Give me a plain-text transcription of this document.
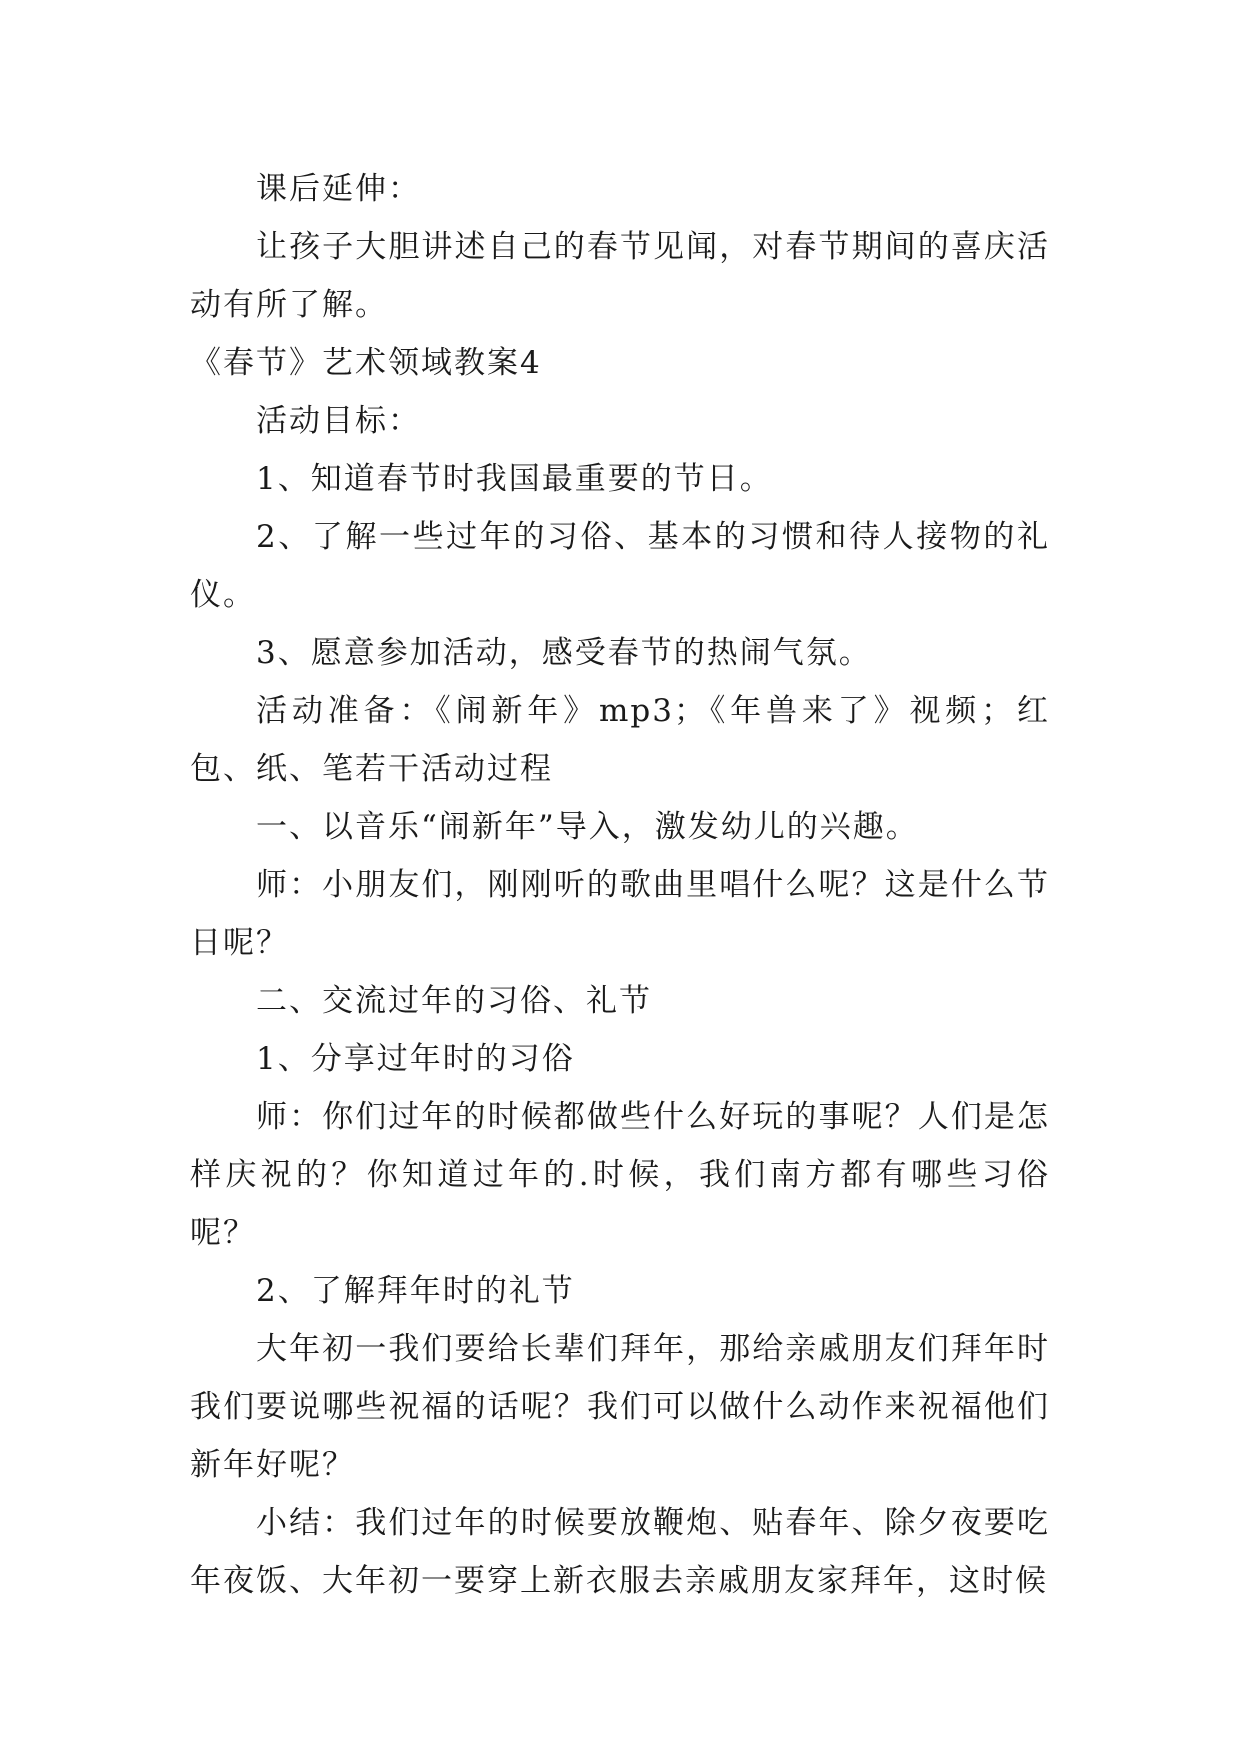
课后延伸：

让孩子大胆讲述自己的春节见闻，对春节期间的喜庆活动有所了解。

《春节》艺术领域教案4

活动目标：

1、知道春节时我国最重要的节日。

2、了解一些过年的习俗、基本的习惯和待人接物的礼仪。

3、愿意参加活动，感受春节的热闹气氛。

活动准备：《闹新年》mp3；《年兽来了》视频；红包、纸、笔若干活动过程

一、以音乐“闹新年”导入，激发幼儿的兴趣。

师：小朋友们，刚刚听的歌曲里唱什么呢？这是什么节日呢？

二、交流过年的习俗、礼节

1、分享过年时的习俗

师：你们过年的时候都做些什么好玩的事呢？人们是怎样庆祝的？你知道过年的.时候，我们南方都有哪些习俗呢？

2、了解拜年时的礼节

大年初一我们要给长辈们拜年，那给亲戚朋友们拜年时我们要说哪些祝福的话呢？我们可以做什么动作来祝福他们新年好呢？

小结：我们过年的时候要放鞭炮、贴春年、除夕夜要吃年夜饭、大年初一要穿上新衣服去亲戚朋友家拜年，这时候
